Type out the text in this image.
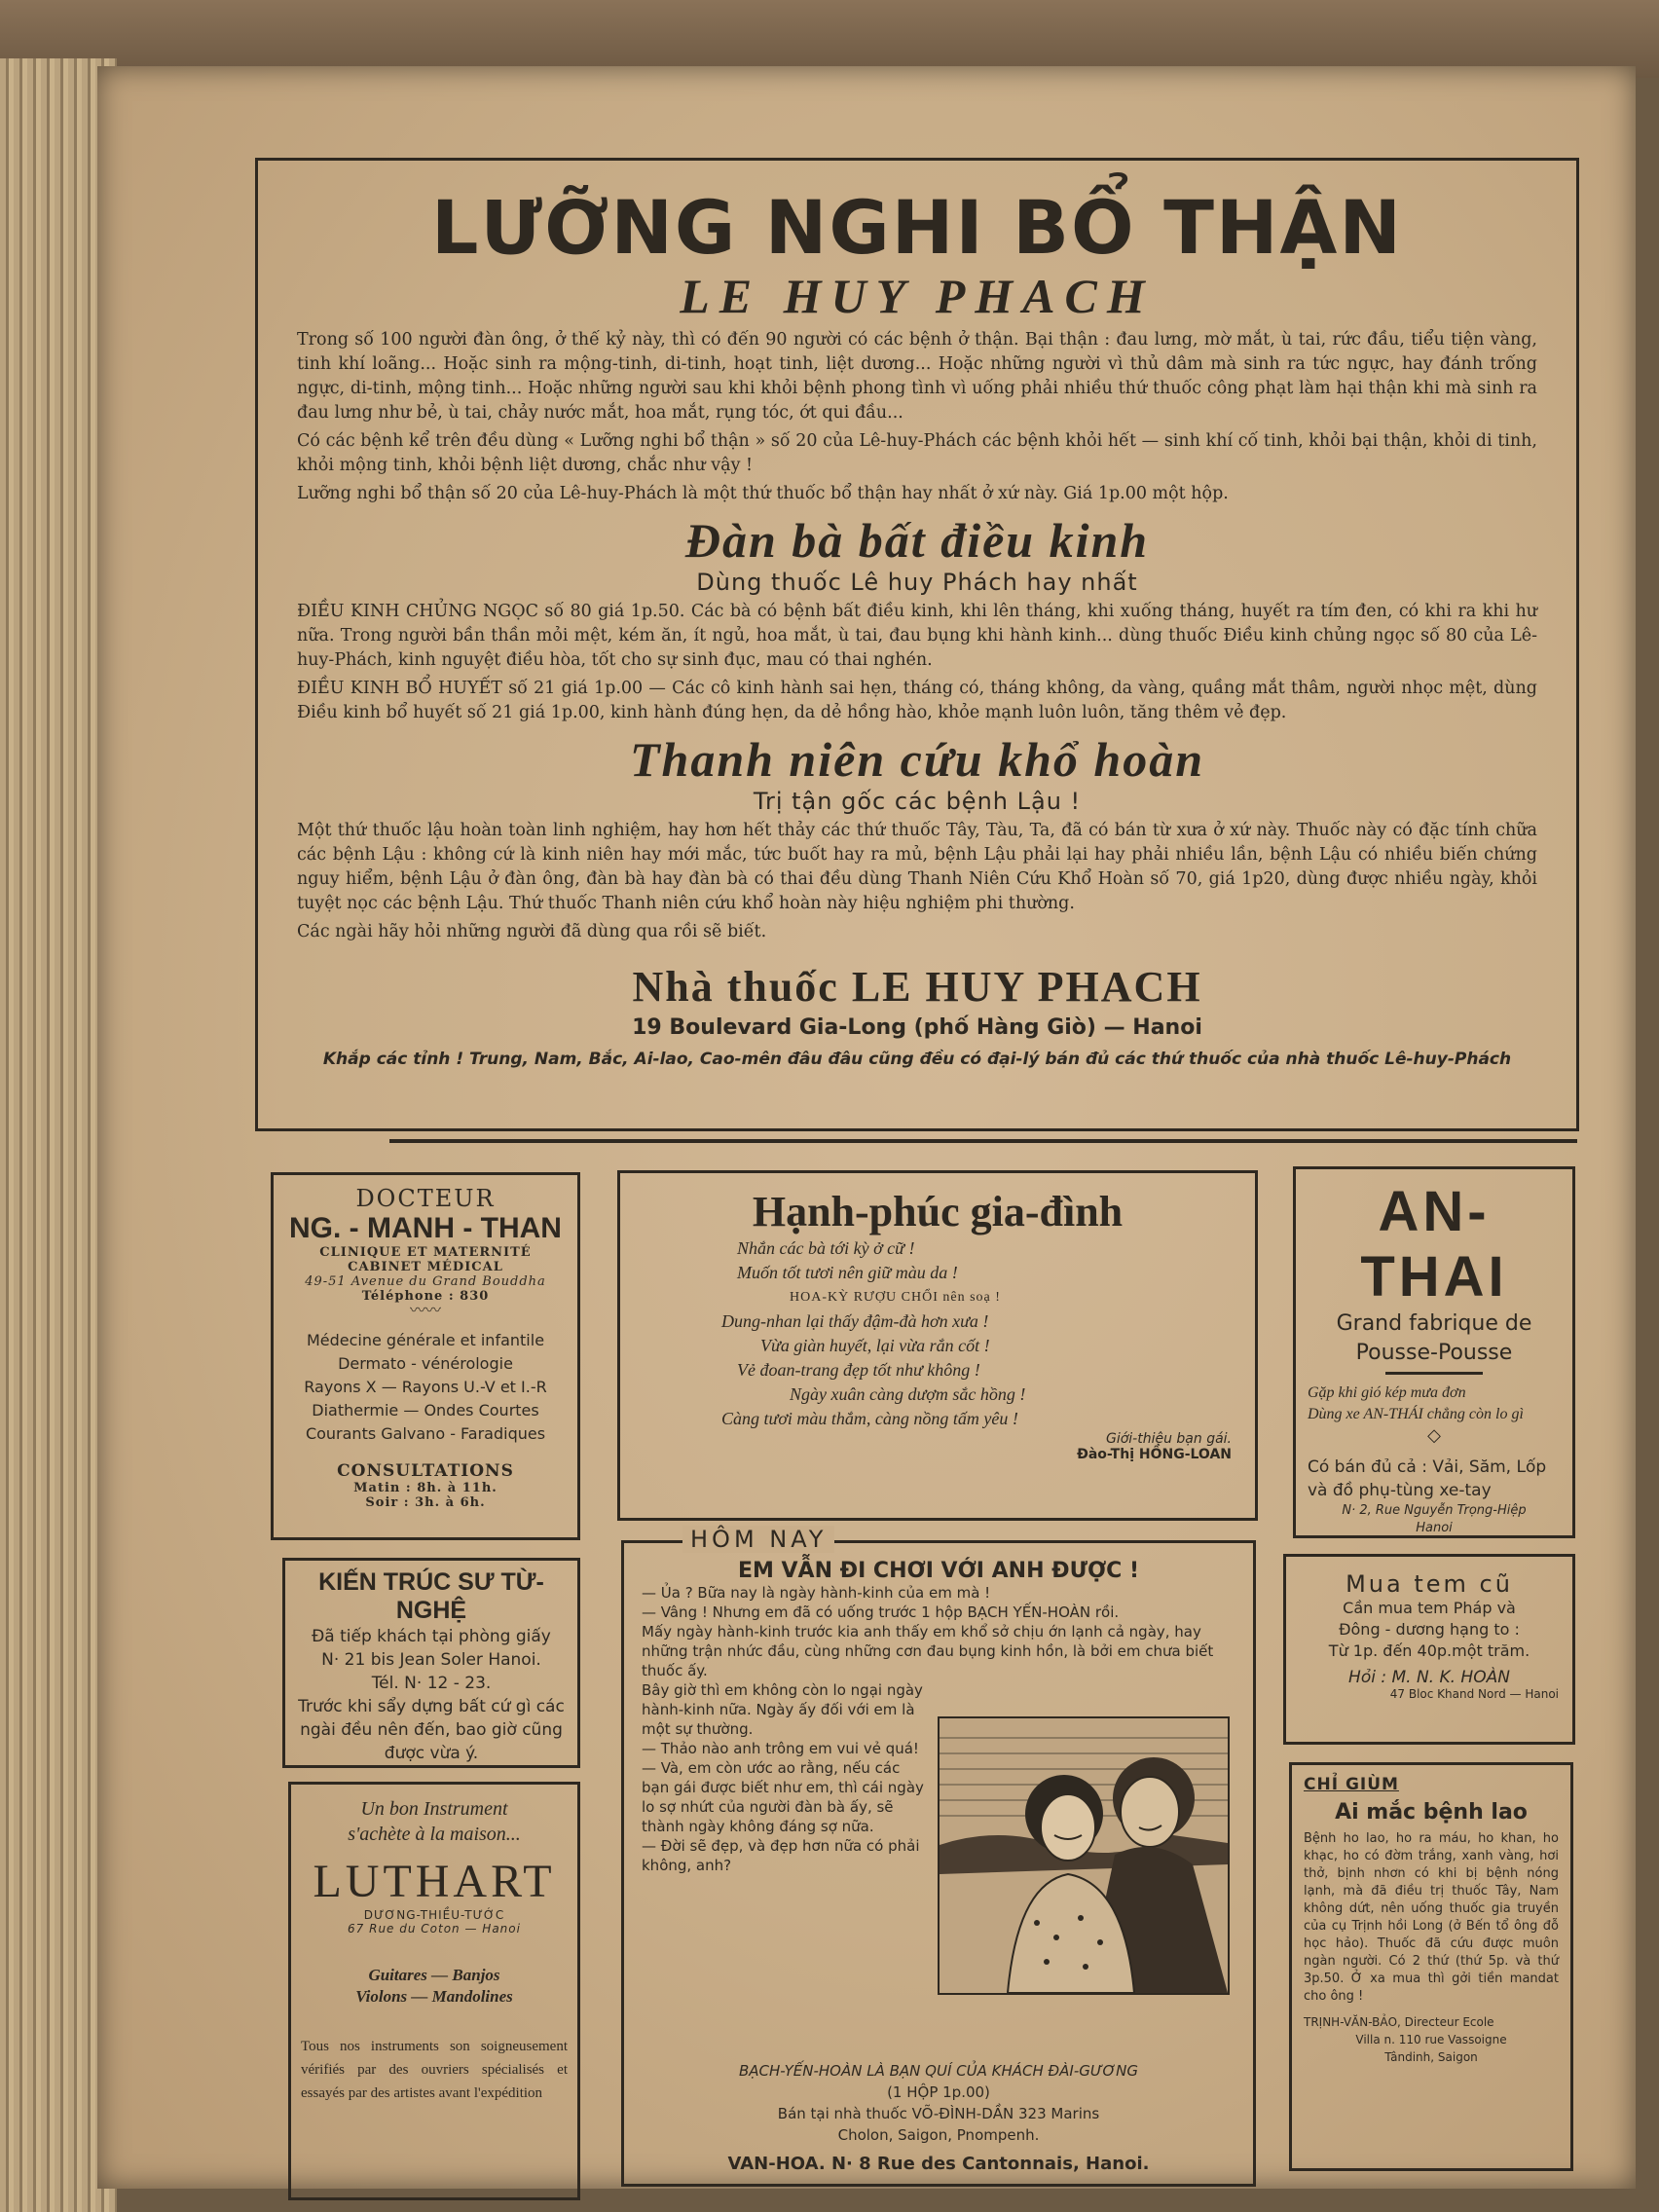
LƯỠNG NGHI BỔ THẬN
LE HUY PHACH

Trong số 100 người đàn ông, ở thế kỷ này, thì có đến 90 người có các bệnh ở thận. Bại thận : đau lưng, mờ mắt, ù tai, rức đầu, tiểu tiện vàng, tinh khí loãng... Hoặc sinh ra mộng-tinh, di-tinh, hoạt tinh, liệt dương... Hoặc những người vì thủ dâm mà sinh ra tức ngực, hay đánh trống ngực, di-tinh, mộng tinh... Hoặc những người sau khi khỏi bệnh phong tình vì uống phải nhiều thứ thuốc công phạt làm hại thận khi mà sinh ra đau lưng như bẻ, ù tai, chảy nước mắt, hoa mắt, rụng tóc, ớt qui đầu...

Có các bệnh kể trên đều dùng « Lưỡng nghi bổ thận » số 20 của Lê-huy-Phách các bệnh khỏi hết — sinh khí cố tinh, khỏi bại thận, khỏi di tinh, khỏi mộng tinh, khỏi bệnh liệt dương, chắc như vậy !

Lưỡng nghi bổ thận số 20 của Lê-huy-Phách là một thứ thuốc bổ thận hay nhất ở xứ này. Giá 1p.00 một hộp.

Đàn bà bất điều kinh
Dùng thuốc Lê huy Phách hay nhất

ĐIỀU KINH CHỦNG NGỌC số 80 giá 1p.50. Các bà có bệnh bất điều kinh, khi lên tháng, khi xuống tháng, huyết ra tím đen, có khi ra khi hư nữa. Trong người bần thần mỏi mệt, kém ăn, ít ngủ, hoa mắt, ù tai, đau bụng khi hành kinh... dùng thuốc Điều kinh chủng ngọc số 80 của Lê-huy-Phách, kinh nguyệt điều hòa, tốt cho sự sinh đục, mau có thai nghén.

ĐIỀU KINH BỔ HUYẾT số 21 giá 1p.00 — Các cô kinh hành sai hẹn, tháng có, tháng không, da vàng, quầng mắt thâm, người nhọc mệt, dùng Điều kinh bổ huyết số 21 giá 1p.00, kinh hành đúng hẹn, da dẻ hồng hào, khỏe mạnh luôn luôn, tăng thêm vẻ đẹp.

Thanh niên cứu khổ hoàn
Trị tận gốc các bệnh Lậu !

Một thứ thuốc lậu hoàn toàn linh nghiệm, hay hơn hết thảy các thứ thuốc Tây, Tàu, Ta, đã có bán từ xưa ở xứ này. Thuốc này có đặc tính chữa các bệnh Lậu : không cứ là kinh niên hay mới mắc, tức buốt hay ra mủ, bệnh Lậu phải lại hay phải nhiều lần, bệnh Lậu có nhiều biến chứng nguy hiểm, bệnh Lậu ở đàn ông, đàn bà hay đàn bà có thai đều dùng Thanh Niên Cứu Khổ Hoàn số 70, giá 1p20, dùng được nhiều ngày, khỏi tuyệt nọc các bệnh Lậu. Thứ thuốc Thanh niên cứu khổ hoàn này hiệu nghiệm phi thường.

Các ngài hãy hỏi những người đã dùng qua rồi sẽ biết.

Nhà thuốc LE HUY PHACH
19 Boulevard Gia-Long (phố Hàng Giò) — Hanoi
Khắp các tỉnh ! Trung, Nam, Bắc, Ai-lao, Cao-mên đâu đâu cũng đều có đại-lý bán đủ các thứ thuốc của nhà thuốc Lê-huy-Phách
DOCTEUR
NG. - MANH - THAN
CLINIQUE ET MATERNITÉ
CABINET MÉDICAL
49-51 Avenue du Grand Bouddha
Téléphone : 830
〰〰
Médecine générale et infantile
Dermato - vénérologie
Rayons X — Rayons U.-V et I.-R
Diathermie — Ondes Courtes
Courants Galvano - Faradiques
CONSULTATIONS
Matin : 8h. à 11h.
Soir : 3h. à 6h.
KIẾN TRÚC SƯ TỪ-NGHỆ
Đã tiếp khách tại phòng giấy
N· 21 bis Jean Soler Hanoi.
Tél. N· 12 - 23.
Trước khi sẩy dựng bất cứ gì các ngài đều nên đến, bao giờ cũng được vừa ý.
Un bon Instrument
s'achète à la maison...
LUTHART
DƯƠNG-THIỀU-TƯỚC
67 Rue du Coton — Hanoi
Guitares — Banjos
Violons — Mandolines
Tous nos instruments son soigneusement vérifiés par des ouvriers spécialisés et essayés par des artistes avant l'expédition
Hạnh-phúc gia-đình
Nhắn các bà tới kỳ ở cữ !
Muốn tốt tươi nên giữ màu da !
HOA-KỲ RƯỢU CHỔI nên soạ !
Dung-nhan lại thấy đậm-đà hơn xưa !
Vừa giàn huyết, lại vừa rắn cốt !
Vẻ đoan-trang đẹp tốt như không !
Ngày xuân càng dượm sắc hồng !
Càng tươi màu thắm, càng nồng tấm yêu !
Giới-thiệu bạn gái.
Đào-Thị HỒNG-LOAN
HÔM NAY
EM VẪN ĐI CHƠI VỚI ANH ĐƯỢC !
— Ủa ? Bữa nay là ngày hành-kinh của em mà !
— Vâng ! Nhưng em đã có uống trước 1 hộp BẠCH YẾN-HOÀN rồi.
Mấy ngày hành-kinh trước kia anh thấy em khổ sở chịu ớn lạnh cả ngày, hay những trận nhức đầu, cùng những cơn đau bụng kinh hồn, là bởi em chưa biết thuốc ấy.
Bây giờ thì em không còn lo ngại ngày hành-kinh nữa. Ngày ấy đối với em là một sự thường.
— Thảo nào anh trông em vui vẻ quá!
— Và, em còn ước ao rằng, nếu các bạn gái được biết như em, thì cái ngày lo sợ nhứt của người đàn bà ấy, sẽ thành ngày không đáng sợ nữa.
— Đời sẽ đẹp, và đẹp hơn nữa có phải không, anh?
BẠCH-YẾN-HOÀN LÀ BẠN QUÍ CỦA KHÁCH ĐÀI-GƯƠNG
(1 HỘP 1p.00)
Bán tại nhà thuốc VÕ-ĐÌNH-DẦN 323 Marins
Cholon, Saigon, Pnompenh.
VAN-HOA. N· 8 Rue des Cantonnais, Hanoi.
AN-THAI
Grand fabrique de
Pousse-Pousse
Gặp khi gió kép mưa đơn
Dùng xe AN-THÁI chẳng còn lo gì
◇
Có bán đủ cả : Vải, Săm, Lốp
và đồ phụ-tùng xe-tay
N· 2, Rue Nguyễn Trọng-Hiệp
Hanoi
Mua tem cũ
Cần mua tem Pháp và
Đông - dương hạng to :
Từ 1p. đến 40p.một trăm.
Hỏi : M. N. K. HOÀN
47 Bloc Khand Nord — Hanoi
CHỈ GIÙM
Ai mắc bệnh lao
Bệnh ho lao, ho ra máu, ho khan, ho khạc, ho có đờm trắng, xanh vàng, hơi thở, bịnh nhơn có khi bị bệnh nóng lạnh, mà đã điều trị thuốc Tây, Nam không dứt, nên uống thuốc gia truyền của cụ Trịnh hồi Long (ở Bến tổ ông đỗ học hảo). Thuốc đã cứu được muôn ngàn người. Có 2 thứ (thứ 5p. và thứ 3p.50. Ở xa mua thì gởi tiền mandat cho ông !
TRỊNH-VĂN-BẢO, Directeur Ecole
Villa n. 110 rue Vassoigne
Tândinh, Saigon
